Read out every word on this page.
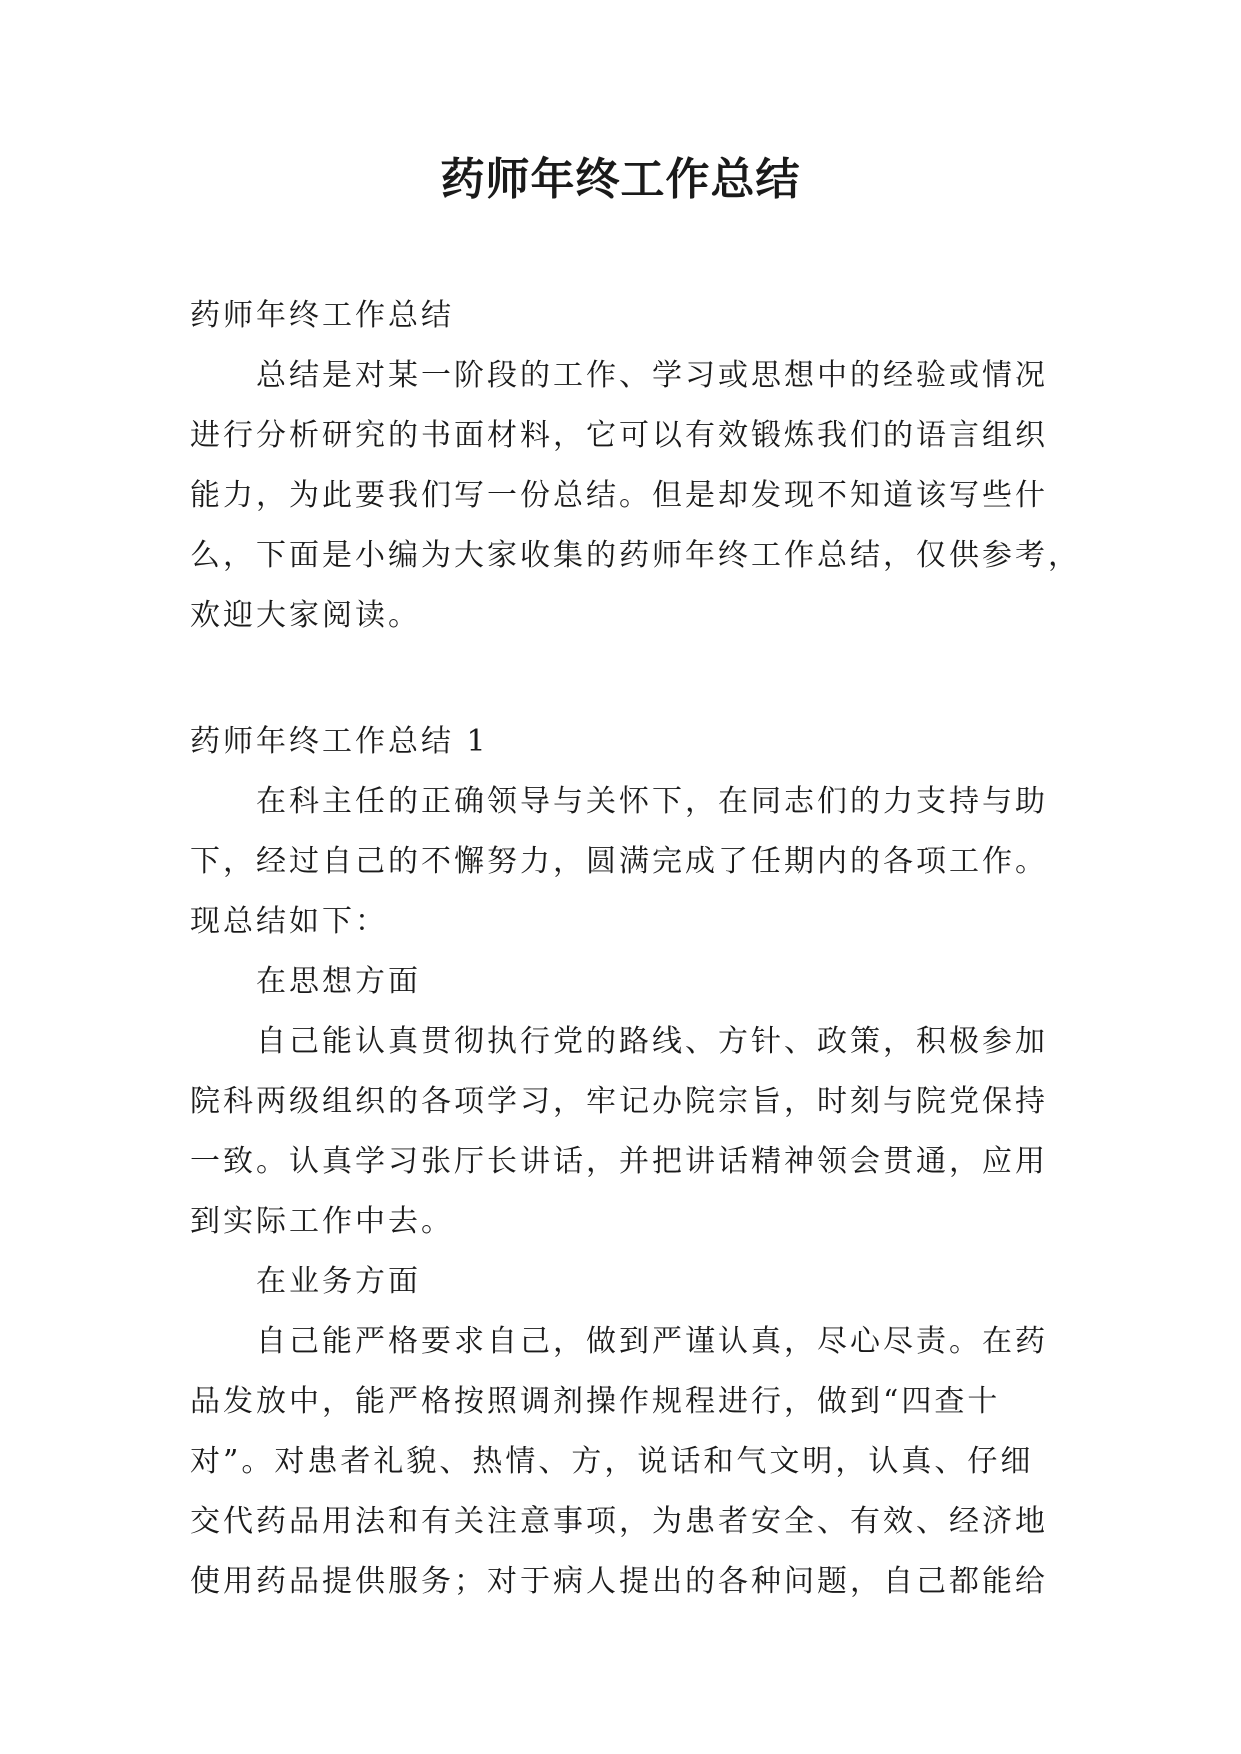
药师年终工作总结

药师年终工作总结

总结是对某一阶段的工作、学习或思想中的经验或情况

进行分析研究的书面材料，它可以有效锻炼我们的语言组织

能力，为此要我们写一份总结。但是却发现不知道该写些什

么，下面是小编为大家收集的药师年终工作总结，仅供参考，

欢迎大家阅读。

药师年终工作总结 1

在科主任的正确领导与关怀下，在同志们的力支持与助

下，经过自己的不懈努力，圆满完成了任期内的各项工作。

现总结如下：

在思想方面

自己能认真贯彻执行党的路线、方针、政策，积极参加

院科两级组织的各项学习，牢记办院宗旨，时刻与院党保持

一致。认真学习张厅长讲话，并把讲话精神领会贯通，应用

到实际工作中去。

在业务方面

自己能严格要求自己，做到严谨认真，尽心尽责。在药

品发放中，能严格按照调剂操作规程进行，做到“四查十

对”。对患者礼貌、热情、方，说话和气文明，认真、仔细

交代药品用法和有关注意事项，为患者安全、有效、经济地

使用药品提供服务；对于病人提出的各种问题，自己都能给
